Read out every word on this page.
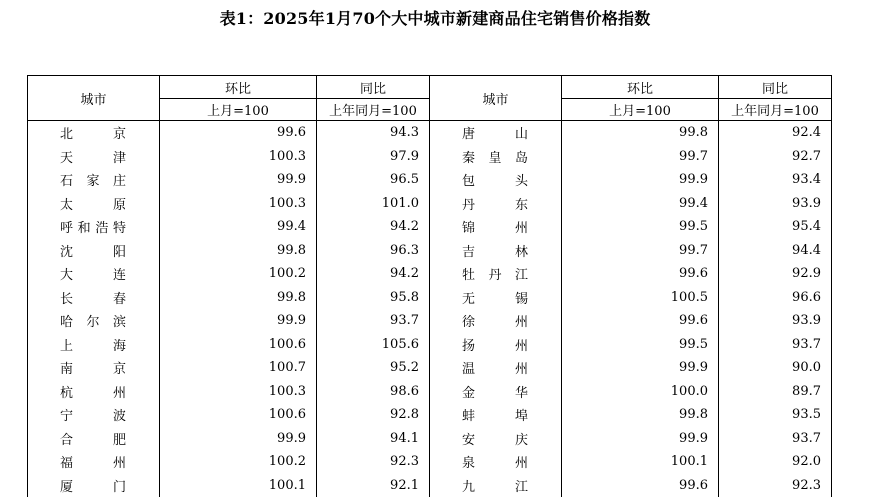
表1：2025年1月70个大中城市新建商品住宅销售价格指数
城市	环比	同比	城市	环比	同比
	上月=100	上年同月=100		上月=100	上年同月=100

北 京	99.6	94.3	唐 山	99.8	92.4

天 津	100.3	97.9	秦 皇 岛	99.7	92.7

石 家 庄	99.9	96.5	包 头	99.9	93.4

太 原	100.3	101.0	丹 东	99.4	93.9
呼和浩特	99.4	94.2	锦 州	99.5	95.4

沈 阳	99.8	96.3	吉 林	99.7	94.4

大 连	100.2	94.2	牡 丹 江	99.6	92.9

长 春	99.8	95.8	无 锡	100.5	96.6

哈 尔 滨	99.9	93.7	徐 州	99.6	93.9

上 海	100.6	105.6	扬 州	99.5	93.7

南 京	100.7	95.2	温 州	99.9	90.0

杭 州	100.3	98.6	金 华	100.0	89.7

宁 波	100.6	92.8	蚌 埠	99.8	93.5

合 肥	99.9	94.1	安 庆	99.9	93.7

福 州	100.2	92.3	泉 州	100.1	92.0

厦 门	100.1	92.1	九 江	99.6	92.3
